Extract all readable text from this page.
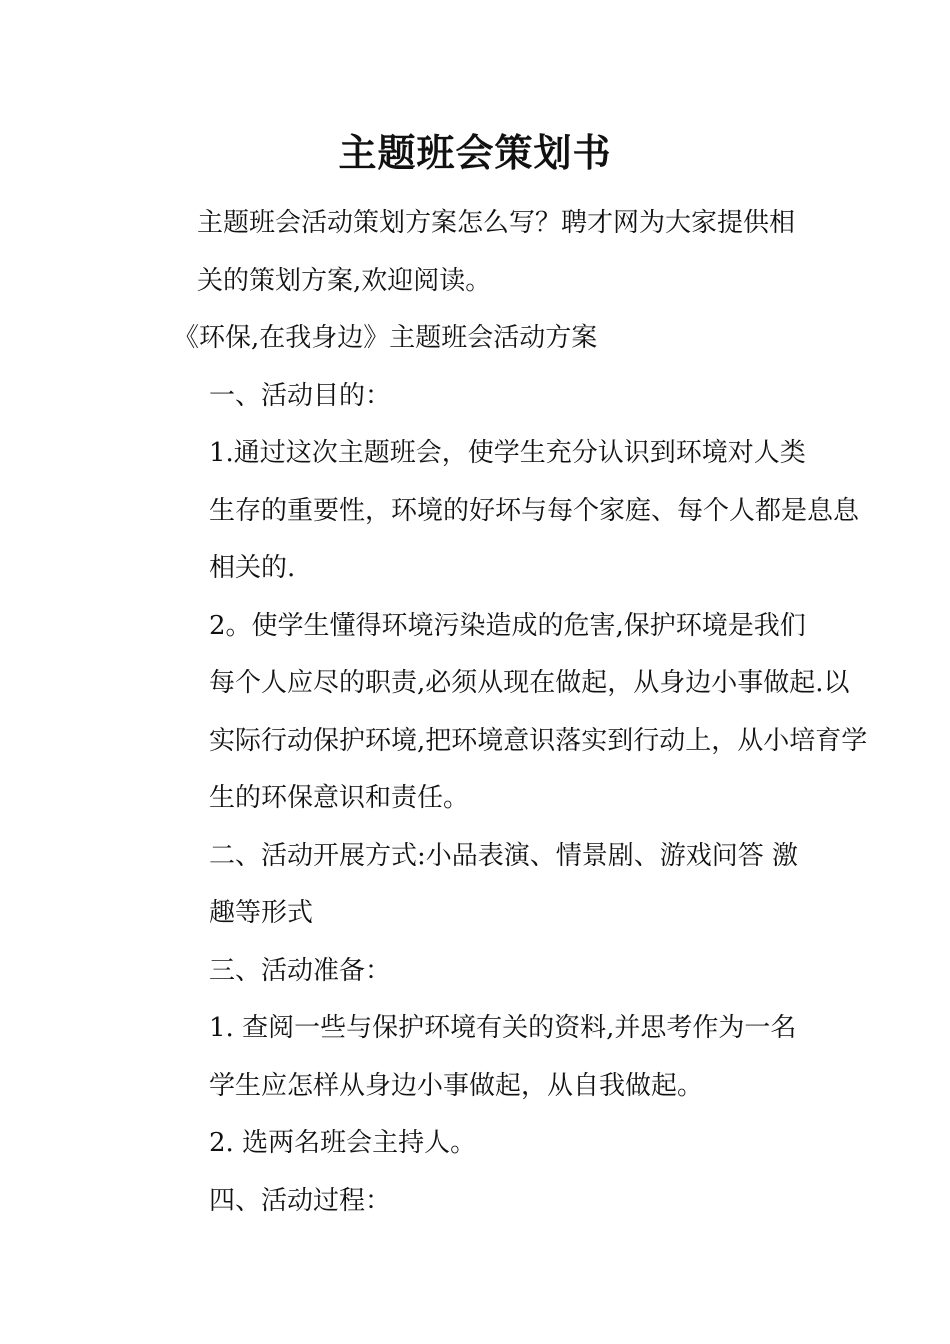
主题班会策划书

主题班会活动策划方案怎么写？聘才网为大家提供相
关的策划方案,欢迎阅读。

《环保,在我身边》主题班会活动方案

一、活动目的：

1.通过这次主题班会，使学生充分认识到环境对人类
生存的重要性，环境的好坏与每个家庭、每个人都是息息
相关的.

2。使学生懂得环境污染造成的危害,保护环境是我们
每个人应尽的职责,必须从现在做起，从身边小事做起.以
实际行动保护环境,把环境意识落实到行动上，从小培育学
生的环保意识和责任。

二、活动开展方式:小品表演、情景剧、游戏问答 激
趣等形式

三、活动准备：

1. 查阅一些与保护环境有关的资料,并思考作为一名
学生应怎样从身边小事做起，从自我做起。

2. 选两名班会主持人。

四、活动过程：
